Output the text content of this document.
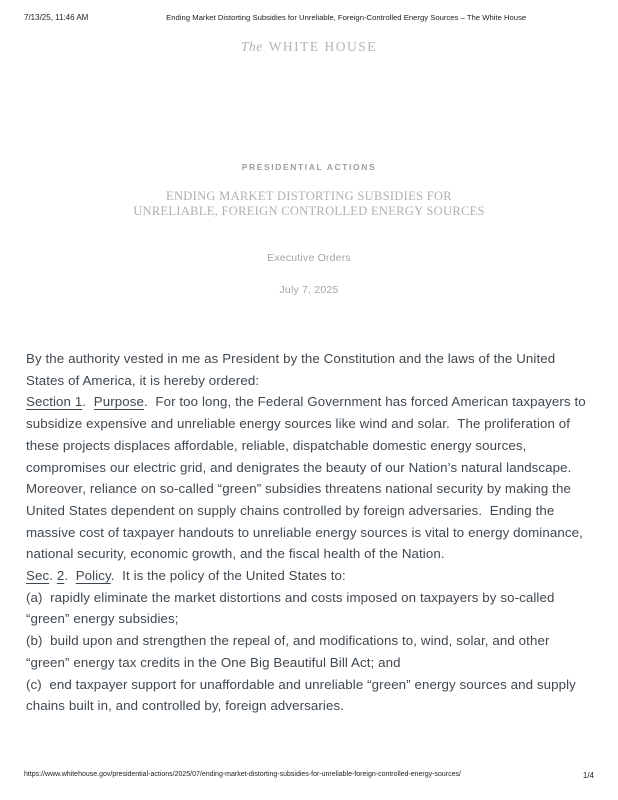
7/13/25, 11:46 AM	Ending Market Distorting Subsidies for Unreliable, Foreign-Controlled Energy Sources – The White House
The WHITE HOUSE
PRESIDENTIAL ACTIONS
ENDING MARKET DISTORTING SUBSIDIES FOR
UNRELIABLE, FOREIGN CONTROLLED ENERGY SOURCES
Executive Orders
July 7, 2025

By the authority vested in me as President by the Constitution and the laws of the United States of America, it is hereby ordered:

Section 1.  Purpose.  For too long, the Federal Government has forced American taxpayers to subsidize expensive and unreliable energy sources like wind and solar.  The proliferation of these projects displaces affordable, reliable, dispatchable domestic energy sources, compromises our electric grid, and denigrates the beauty of our Nation’s natural landscape.  Moreover, reliance on so-called “green” subsidies threatens national security by making the United States dependent on supply chains controlled by foreign adversaries.  Ending the massive cost of taxpayer handouts to unreliable energy sources is vital to energy dominance, national security, economic growth, and the fiscal health of the Nation.

Sec. 2.  Policy.  It is the policy of the United States to:

(a)  rapidly eliminate the market distortions and costs imposed on taxpayers by so-called “green” energy subsidies;

(b)  build upon and strengthen the repeal of, and modifications to, wind, solar, and other “green” energy tax credits in the One Big Beautiful Bill Act; and

(c)  end taxpayer support for unaffordable and unreliable “green” energy sources and supply chains built in, and controlled by, foreign adversaries.

https://www.whitehouse.gov/presidential-actions/2025/07/ending-market-distorting-subsidies-for-unreliable-foreign-controlled-energy-sources/	1/4
